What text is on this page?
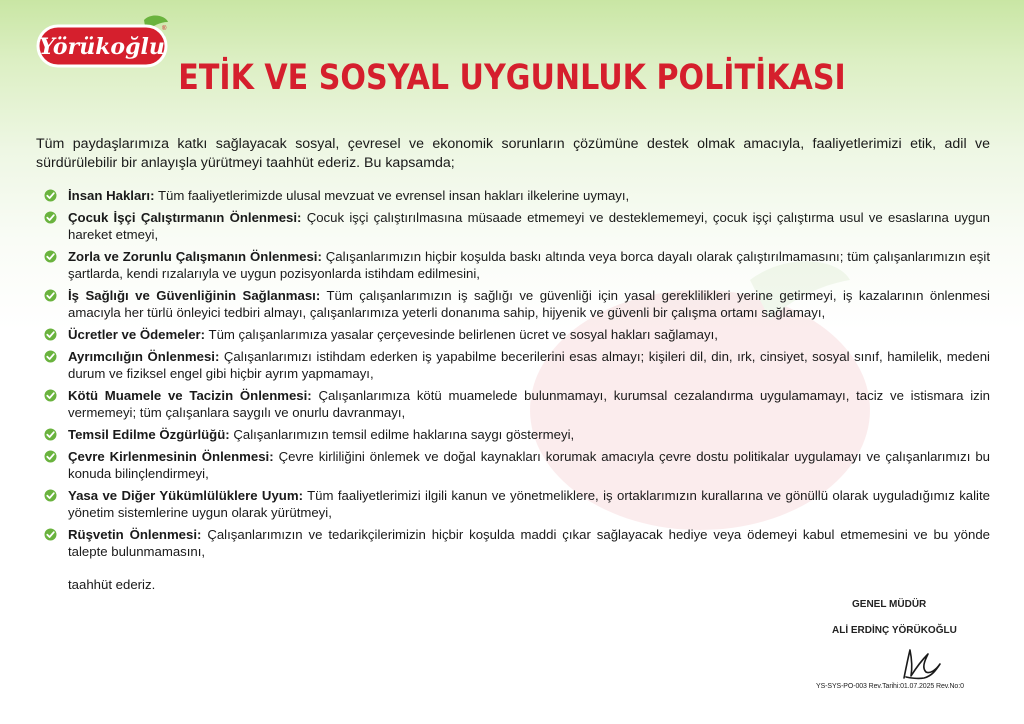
Yörükoğlu
®
ETİK VE SOSYAL UYGUNLUK POLİTİKASI
Tüm paydaşlarımıza katkı sağlayacak sosyal, çevresel ve ekonomik sorunların çözümüne destek olmak amacıyla, faaliyetlerimizi etik, adil ve sürdürülebilir bir anlayışla yürütmeyi taahhüt ederiz. Bu kapsamda;
İnsan Hakları: Tüm faaliyetlerimizde ulusal mevzuat ve evrensel insan hakları ilkelerine uymayı,
Çocuk İşçi Çalıştırmanın Önlenmesi: Çocuk işçi çalıştırılmasına müsaade etmemeyi ve desteklememeyi, çocuk işçi çalıştırma usul ve esaslarına uygun hareket etmeyi,
Zorla ve Zorunlu Çalışmanın Önlenmesi: Çalışanlarımızın hiçbir koşulda baskı altında veya borca dayalı olarak çalıştırılmamasını; tüm çalışanlarımızın eşit şartlarda, kendi rızalarıyla ve uygun pozisyonlarda istihdam edilmesini,
İş Sağlığı ve Güvenliğinin Sağlanması: Tüm çalışanlarımızın iş sağlığı ve güvenliği için yasal gereklilikleri yerine getirmeyi, iş kazalarının önlenmesi amacıyla her türlü önleyici tedbiri almayı, çalışanlarımıza yeterli donanıma sahip, hijyenik ve güvenli bir çalışma ortamı sağlamayı,
Ücretler ve Ödemeler: Tüm çalışanlarımıza yasalar çerçevesinde belirlenen ücret ve sosyal hakları sağlamayı,
Ayrımcılığın Önlenmesi: Çalışanlarımızı istihdam ederken iş yapabilme becerilerini esas almayı; kişileri dil, din, ırk, cinsiyet, sosyal sınıf, hamilelik, medeni durum ve fiziksel engel gibi hiçbir ayrım yapmamayı,
Kötü Muamele ve Tacizin Önlenmesi: Çalışanlarımıza kötü muamelede bulunmamayı, kurumsal cezalandırma uygulamamayı, taciz ve istismara izin vermemeyi; tüm çalışanlara saygılı ve onurlu davranmayı,
Temsil Edilme Özgürlüğü: Çalışanlarımızın temsil edilme haklarına saygı göstermeyi,
Çevre Kirlenmesinin Önlenmesi: Çevre kirliliğini önlemek ve doğal kaynakları korumak amacıyla çevre dostu politikalar uygulamayı ve çalışanlarımızı bu konuda bilinçlendirmeyi,
Yasa ve Diğer Yükümlülüklere Uyum: Tüm faaliyetlerimizi ilgili kanun ve yönetmeliklere, iş ortaklarımızın kurallarına ve gönüllü olarak uyguladığımız kalite yönetim sistemlerine uygun olarak yürütmeyi,
Rüşvetin Önlenmesi: Çalışanlarımızın ve tedarikçilerimizin hiçbir koşulda maddi çıkar sağlayacak hediye veya ödemeyi kabul etmemesini ve bu yönde talepte bulunmamasını,
taahhüt ederiz.
GENEL MÜDÜR
ALİ ERDİNÇ YÖRÜKOĞLU
YS-SYS-PO-003 Rev.Tarihi:01.07.2025 Rev.No:0
